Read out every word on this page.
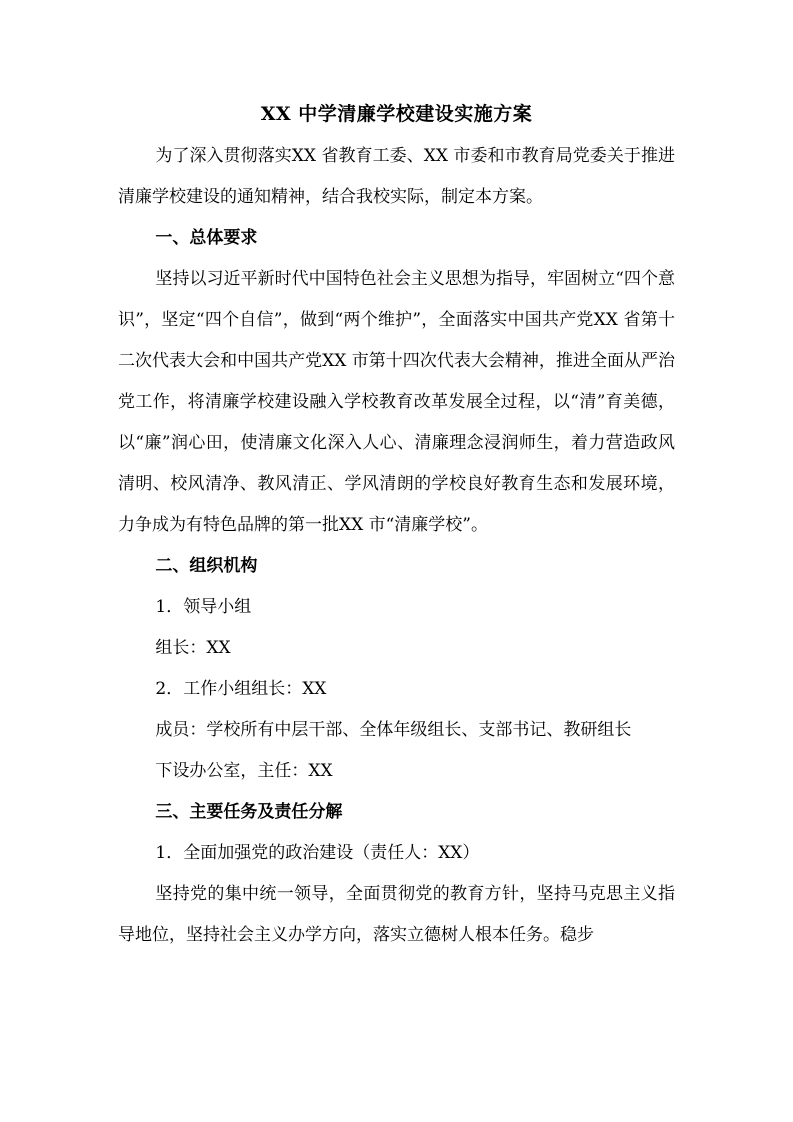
XX 中学清廉学校建设实施方案

为了深入贯彻落实XX 省教育工委、XX 市委和市教育局党委关于推进清廉学校建设的通知精神，结合我校实际，制定本方案。

一、总体要求

坚持以习近平新时代中国特色社会主义思想为指导，牢固树立“四个意识”，坚定“四个自信”，做到“两个维护”，全面落实中国共产党XX 省第十二次代表大会和中国共产党XX 市第十四次代表大会精神，推进全面从严治党工作，将清廉学校建设融入学校教育改革发展全过程，以“清”育美德，以“廉”润心田，使清廉文化深入人心、清廉理念浸润师生，着力营造政风清明、校风清净、教风清正、学风清朗的学校良好教育生态和发展环境，力争成为有特色品牌的第一批XX 市“清廉学校”。

二、组织机构

1．领导小组

组长：XX

2．工作小组组长：XX

成员：学校所有中层干部、全体年级组长、支部书记、教研组长

下设办公室，主任：XX

三、主要任务及责任分解

1．全面加强党的政治建设（责任人：XX）

坚持党的集中统一领导，全面贯彻党的教育方针，坚持马克思主义指导地位，坚持社会主义办学方向，落实立德树人根本任务。稳步
